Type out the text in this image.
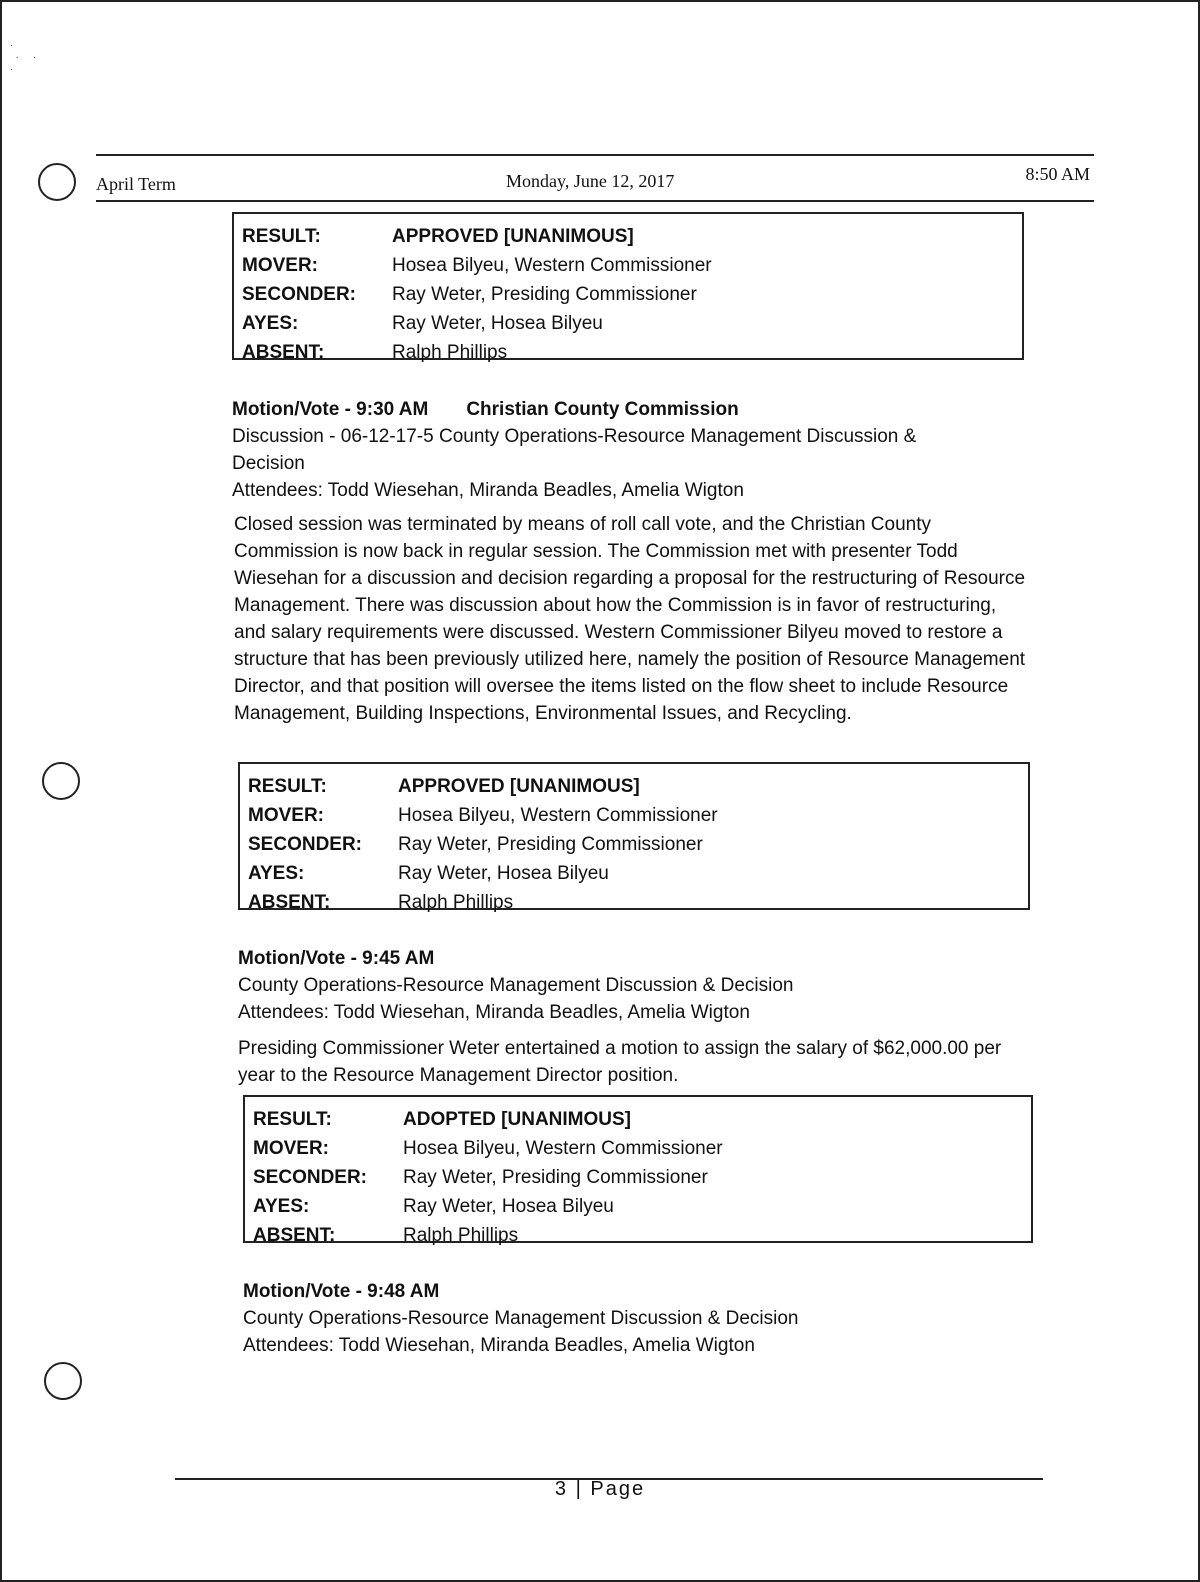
·
·     ·
·
April Term	Monday, June 12, 2017	8:50 AM
RESULT:	APPROVED [UNANIMOUS]
MOVER:	Hosea Bilyeu, Western Commissioner
SECONDER: Ray Weter, Presiding Commissioner
AYES:	Ray Weter, Hosea Bilyeu
ABSENT:	Ralph Phillips
Motion/Vote - 9:30 AM Christian County Commission
Discussion - 06-12-17-5 County Operations-Resource Management Discussion & Decision
Attendees: Todd Wiesehan, Miranda Beadles, Amelia Wigton
Closed session was terminated by means of roll call vote, and the Christian County Commission is now back in regular session. The Commission met with presenter Todd Wiesehan for a discussion and decision regarding a proposal for the restructuring of Resource Management. There was discussion about how the Commission is in favor of restructuring, and salary requirements were discussed. Western Commissioner Bilyeu moved to restore a structure that has been previously utilized here, namely the position of Resource Management Director, and that position will oversee the items listed on the flow sheet to include Resource Management, Building Inspections, Environmental Issues, and Recycling.
RESULT:	APPROVED [UNANIMOUS]
MOVER:	Hosea Bilyeu, Western Commissioner
SECONDER: Ray Weter, Presiding Commissioner
AYES:	Ray Weter, Hosea Bilyeu
ABSENT:	Ralph Phillips
Motion/Vote - 9:45 AM
County Operations-Resource Management Discussion & Decision
Attendees: Todd Wiesehan, Miranda Beadles, Amelia Wigton
Presiding Commissioner Weter entertained a motion to assign the salary of $62,000.00 per year to the Resource Management Director position.
RESULT:	ADOPTED [UNANIMOUS]
MOVER:	Hosea Bilyeu, Western Commissioner
SECONDER: Ray Weter, Presiding Commissioner
AYES:	Ray Weter, Hosea Bilyeu
ABSENT:	Ralph Phillips
Motion/Vote - 9:48 AM
County Operations-Resource Management Discussion & Decision
Attendees: Todd Wiesehan, Miranda Beadles, Amelia Wigton
3 | Page
